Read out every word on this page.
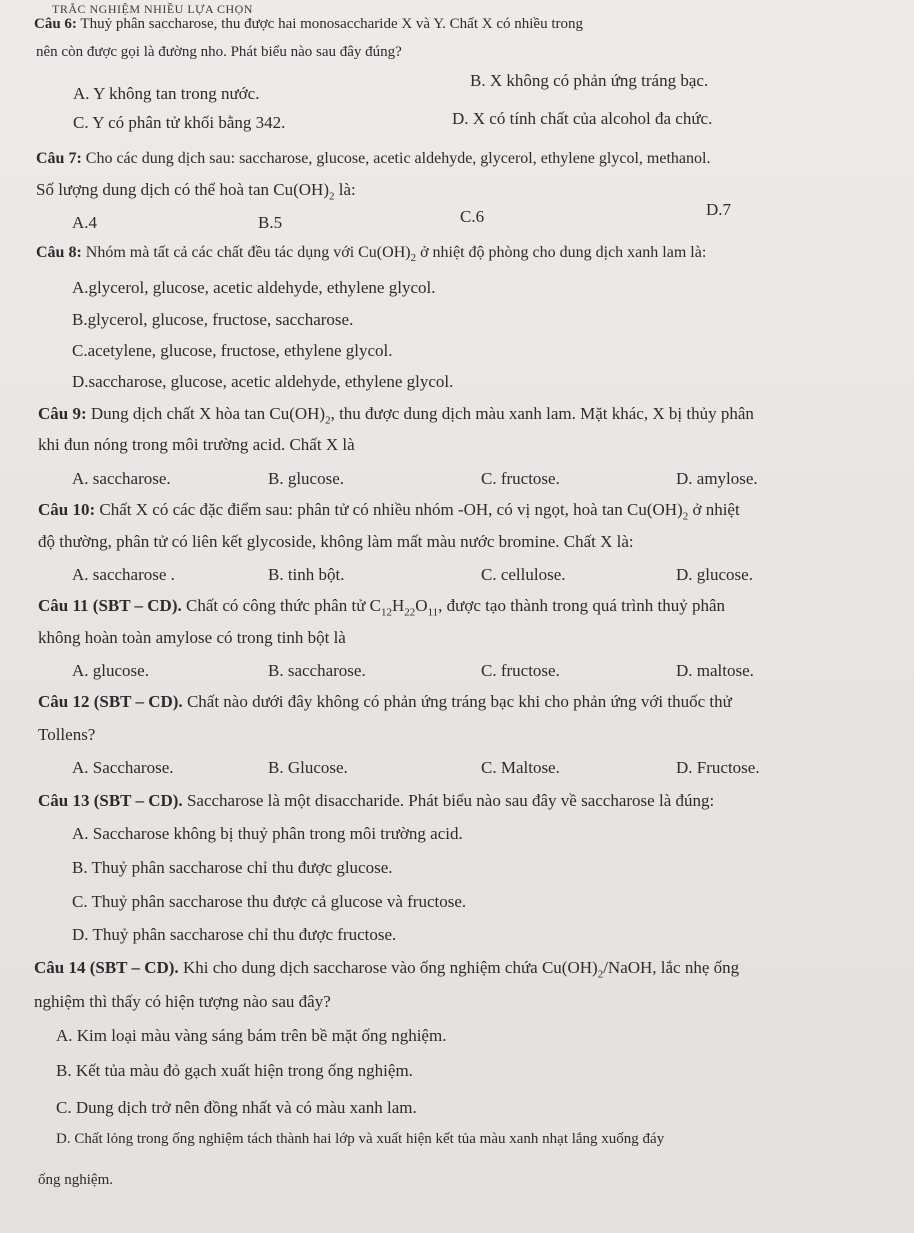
TRẮC NGHIỆM NHIỀU LỰA CHỌN
Câu 6: Thuỷ phân saccharose, thu được hai monosaccharide X và Y. Chất X có nhiều trong
nên còn được gọi là đường nho. Phát biểu nào sau đây đúng?
A. Y không tan trong nước.
B. X không có phản ứng tráng bạc.
C. Y có phân tử khối bằng 342.	D. X có tính chất của alcohol đa chức.
Câu 7: Cho các dung dịch sau: saccharose, glucose, acetic aldehyde, glycerol, ethylene glycol, methanol.
Số lượng dung dịch có thể hoà $\tan Cu(OH)_2$ là:
A.4	B.5	C.6	D.7
Câu 8: Nhóm mà tất cả các chất đều tác dụng với $Cu(OH)_2$ ở nhiệt độ phòng cho dung dịch xanh lam là:
A.glycerol, glucose, acetic aldehyde, ethylene glycol.
B.glycerol, glucose, fructose, saccharose.
C.acetylene, glucose, fructose, ethylene glycol.
D.saccharose, glucose, acetic aldehyde, ethylene glycol.
Câu 9: Dung dịch chất X hòa $\tan Cu(OH)_2$, thu được dung dịch màu xanh lam. Mặt khác, X bị thủy phân
khi đun nóng trong môi trường acid. Chất X là
A. saccharose.	B. glucose.	C. fructose.	D. amylose.
Câu 10: Chất X có các đặc điểm sau: phân tử có nhiều nhóm -OH, có vị ngọt, hoà $\tan Cu(OH)_2$ ở nhiệt
độ thường, phân tử có liên kết glycoside, không làm mất màu nước bromine. Chất X là:
A. saccharose .	B. tinh bột.	C. cellulose.	D. glucose.
Câu 11 (SBT – CD). Chất có công thức phân tử $C_{12}H_{22}O_{11}$, được tạo thành trong quá trình thuỷ phân
không hoàn toàn amylose có trong tinh bột là
A. glucose.	B. saccharose.	C. fructose.	D. maltose.
Câu 12 (SBT – CD). Chất nào dưới đây không có phản ứng tráng bạc khi cho phản ứng với thuốc thử
Tollens?
A. Saccharose.	B. Glucose.	C. Maltose.	D. Fructose.
Câu 13 (SBT – CD). Saccharose là một disaccharide. Phát biểu nào sau đây về saccharose là đúng:
A. Saccharose không bị thuỷ phân trong môi trường acid.
B. Thuỷ phân saccharose chỉ thu được glucose.
C. Thuỷ phân saccharose thu được cả glucose và fructose.
D. Thuỷ phân saccharose chỉ thu được fructose.
Câu 14 (SBT – CD). Khi cho dung dịch saccharose vào ống nghiệm chứa $Cu(OH)_2$/NaOH, lắc nhẹ ống
nghiệm thì thấy có hiện tượng nào sau đây?
A. Kim loại màu vàng sáng bám trên bề mặt ống nghiệm.
B. Kết tủa màu đỏ gạch xuất hiện trong ống nghiệm.
C. Dung dịch trở nên đồng nhất và có màu xanh lam.
D. Chất lỏng trong ống nghiệm tách thành hai lớp và xuất hiện kết tủa màu xanh nhạt lắng xuống đáy
ống nghiệm.
